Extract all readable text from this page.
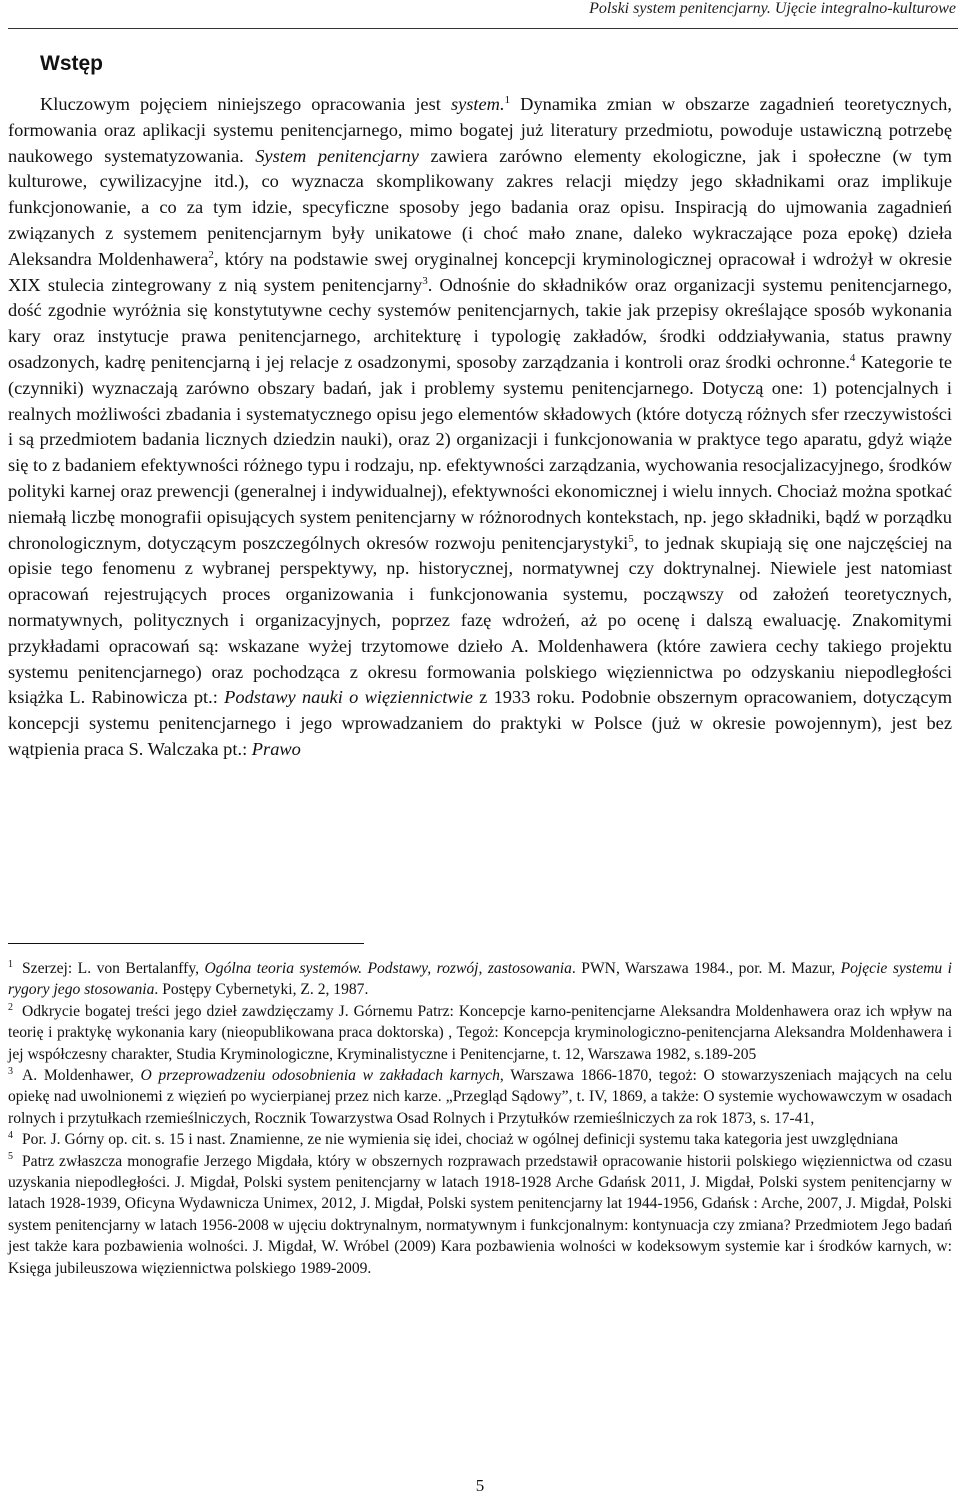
Polski system penitencjarny. Ujęcie integralno-kulturowe
Wstęp

Kluczowym pojęciem niniejszego opracowania jest system.$^1$ Dynamika zmian w obszarze zagadnień teoretycznych, formowania oraz aplikacji systemu penitencjarnego, mimo bogatej już literatury przedmiotu, powoduje ustawiczną potrzebę naukowego systematyzowania. System penitencjarny zawiera zarówno elementy ekologiczne, jak i społeczne (w tym kulturowe, cywilizacyjne itd.), co wyznacza skomplikowany zakres relacji między jego składnikami oraz implikuje funkcjonowanie, a co za tym idzie, specyficzne sposoby jego badania oraz opisu. Inspiracją do ujmowania zagadnień związanych z systemem penitencjarnym były unikatowe (i choć mało znane, daleko wykraczające poza epokę) dzieła Aleksandra Moldenhawera$^2$, który na podstawie swej oryginalnej koncepcji kryminologicznej opracował i wdrożył w okresie XIX stulecia zintegrowany z nią system penitencjarny$^3$. Odnośnie do składników oraz organizacji systemu penitencjarnego, dość zgodnie wyróżnia się konstytutywne cechy systemów penitencjarnych, takie jak przepisy określające sposób wykonania kary oraz instytucje prawa penitencjarnego, architekturę i typologię zakładów, środki oddziaływania, status prawny osadzonych, kadrę penitencjarną i jej relacje z osadzonymi, sposoby zarządzania i kontroli oraz środki ochronne.$^4$ Kategorie te (czynniki) wyznaczają zarówno obszary badań, jak i problemy systemu penitencjarnego. Dotyczą one: 1) potencjalnych i realnych możliwości zbadania i systematycznego opisu jego elementów składowych (które dotyczą różnych sfer rzeczywistości i są przedmiotem badania licznych dziedzin nauki), oraz 2) organizacji i funkcjonowania w praktyce tego aparatu, gdyż wiąże się to z badaniem efektywności różnego typu i rodzaju, np. efektywności zarządzania, wychowania resocjalizacyjnego, środków polityki karnej oraz prewencji (generalnej i indywidualnej), efektywności ekonomicznej i wielu innych. Chociaż można spotkać niemałą liczbę monografii opisujących system penitencjarny w różnorodnych kontekstach, np. jego składniki, bądź w porządku chronologicznym, dotyczącym poszczególnych okresów rozwoju penitencjarystyki$^5$, to jednak skupiają się one najczęściej na opisie tego fenomenu z wybranej perspektywy, np. historycznej, normatywnej czy doktrynalnej. Niewiele jest natomiast opracowań rejestrujących proces organizowania i funkcjonowania systemu, począwszy od założeń teoretycznych, normatywnych, politycznych i organizacyjnych, poprzez fazę wdrożeń, aż po ocenę i dalszą ewaluację. Znakomitymi przykładami opracowań są: wskazane wyżej trzytomowe dzieło A. Moldenhawera (które zawiera cechy takiego projektu systemu penitencjarnego) oraz pochodząca z okresu formowania polskiego więziennictwa po odzyskaniu niepodległości książka L. Rabinowicza pt.: Podstawy nauki o więziennictwie z 1933 roku. Podobnie obszernym opracowaniem, dotyczącym koncepcji systemu penitencjarnego i jego wprowadzaniem do praktyki w Polsce (już w okresie powojennym), jest bez wątpienia praca S. Walczaka pt.: Prawo

$^1$ Szerzej: L. von Bertalanffy, Ogólna teoria systemów. Podstawy, rozwój, zastosowania. PWN, Warszawa 1984., por. M. Mazur, Pojęcie systemu i rygory jego stosowania. Postępy Cybernetyki, Z. 2, 1987.

$^2$ Odkrycie bogatej treści jego dzieł zawdzięczamy J. Górnemu Patrz: Koncepcje karno-penitencjarne Aleksandra Moldenhawera oraz ich wpływ na teorię i praktykę wykonania kary (nieopublikowana praca doktorska) , Tegoż: Koncepcja kryminologiczno-penitencjarna Aleksandra Moldenhawera i jej współczesny charakter, Studia Kryminologiczne, Kryminalistyczne i Penitencjarne, t. 12, Warszawa 1982, s.189-205

$^3$ A. Moldenhawer, O przeprowadzeniu odosobnienia w zakładach karnych, Warszawa 1866-1870, tegoż: O stowarzyszeniach mających na celu opiekę nad uwolnionemi z więzień po wycierpianej przez nich karze. „Przegląd Sądowy”, t. IV, 1869, a także: O systemie wychowawczym w osadach rolnych i przytułkach rzemieślniczych, Rocznik Towarzystwa Osad Rolnych i Przytułków rzemieślniczych za rok 1873, s. 17-41,

$^4$ Por. J. Górny op. cit. s. 15 i nast. Znamienne, ze nie wymienia się idei, chociaż w ogólnej definicji systemu taka kategoria jest uwzględniana

$^5$ Patrz zwłaszcza monografie Jerzego Migdała, który w obszernych rozprawach przedstawił opracowanie historii polskiego więziennictwa od czasu uzyskania niepodległości. J. Migdał, Polski system penitencjarny w latach 1918-1928 Arche Gdańsk 2011, J. Migdał, Polski system penitencjarny w latach 1928-1939, Oficyna Wydawnicza Unimex, 2012, J. Migdał, Polski system penitencjarny lat 1944-1956, Gdańsk : Arche, 2007, J. Migdał, Polski system penitencjarny w latach 1956-2008 w ujęciu doktrynalnym, normatywnym i funkcjonalnym: kontynuacja czy zmiana? Przedmiotem Jego badań jest także kara pozbawienia wolności. J. Migdał, W. Wróbel (2009) Kara pozbawienia wolności w kodeksowym systemie kar i środków karnych, w: Księga jubileuszowa więziennictwa polskiego 1989-2009.

5
